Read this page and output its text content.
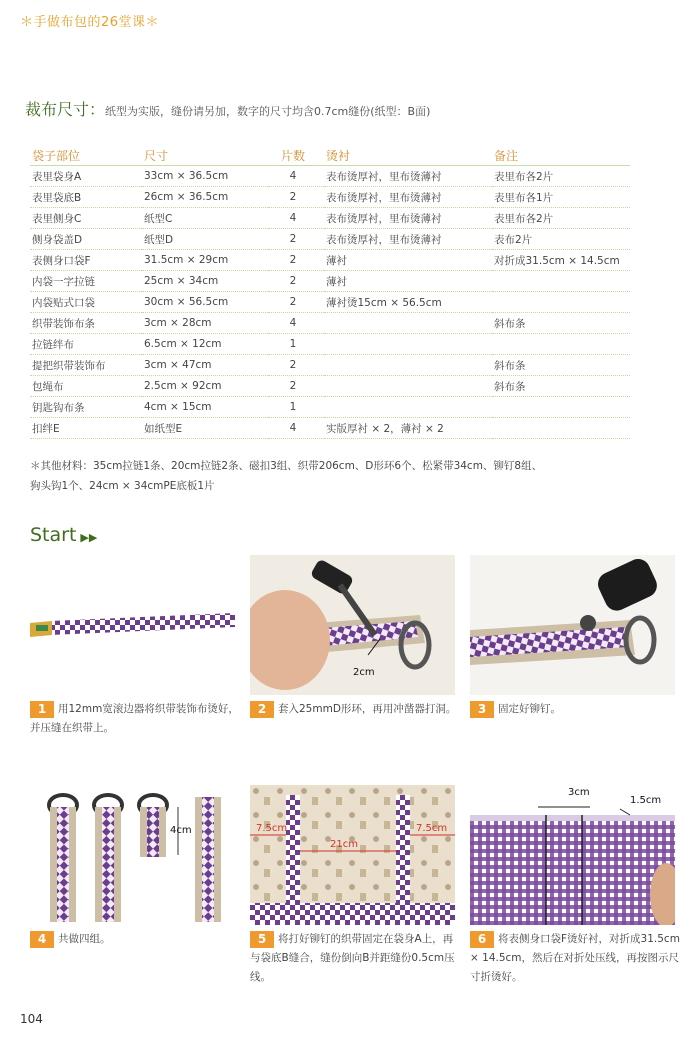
＊手做布包的26堂课＊
裁布尺寸：纸型为实版，缝份请另加，数字的尺寸均含0.7cm缝份(纸型：B面)
袋子部位	尺寸	片数	烫衬	备注
表里袋身A	33cm × 36.5cm	4	表布烫厚衬，里布烫薄衬	表里布各2片
表里袋底B	26cm × 36.5cm	2	表布烫厚衬，里布烫薄衬	表里布各1片
表里侧身C	纸型C	4	表布烫厚衬，里布烫薄衬	表里布各2片
侧身袋盖D	纸型D	2	表布烫厚衬，里布烫薄衬	表布2片
表侧身口袋F	31.5cm × 29cm	2	薄衬	对折成31.5cm × 14.5cm
内袋一字拉链	25cm × 34cm	2	薄衬	
内袋贴式口袋	30cm × 56.5cm	2	薄衬烫15cm × 56.5cm	
织带装饰布条	3cm × 28cm	4		斜布条
拉链绊布	6.5cm × 12cm	1		
提把织带装饰布	3cm × 47cm	2		斜布条
包绳布	2.5cm × 92cm	2		斜布条
钥匙钩布条	4cm × 15cm	1		
扣绊E	如纸型E	4	实版厚衬 × 2，薄衬 × 2	
＊其他材料：35cm拉链1条、20cm拉链2条、磁扣3组、织带206cm、D形环6个、松紧带34cm、铆钉8组、
狗头钩1个、24cm × 34cmPE底板1片
Start ▶▶
2cm
1 用12mm宽滚边器将织带装饰布烫好，并压缝在织带上。
2 套入25mmD形环，再用冲凿器打洞。	3 固定好铆钉。
4cm	7.5cm
21cm
7.5cm
3cm
1.5cm
4 共做四组。	5 将打好铆钉的织带固定在袋身A上，再与袋底B缝合，缝份倒向B并距缝份0.5cm压线。
6 将表侧身口袋F烫好衬，对折成31.5cm × 14.5cm，然后在对折处压线，再按图示尺寸折烫好。
104
